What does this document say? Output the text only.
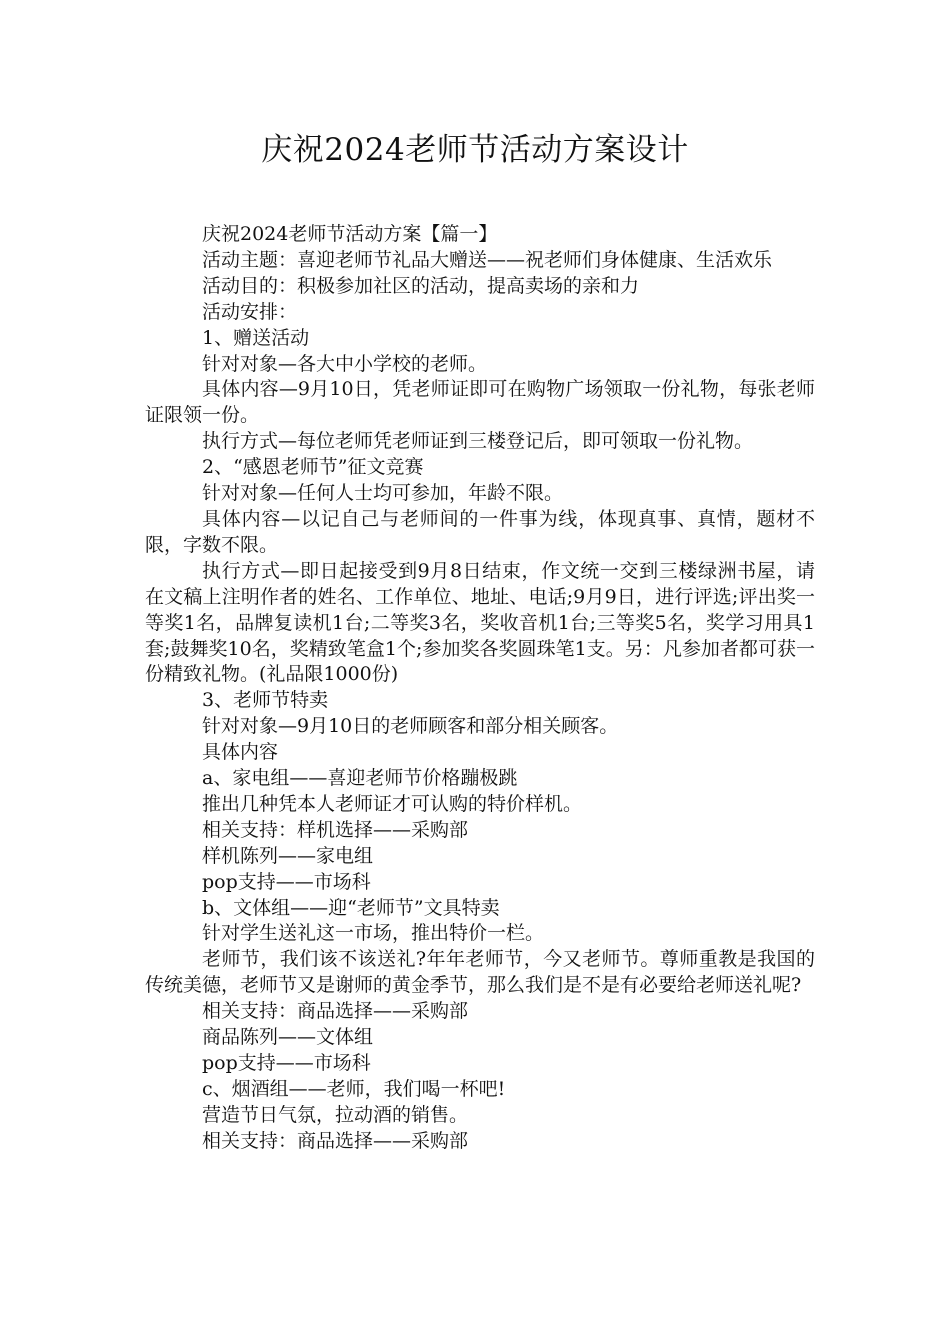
庆祝2024老师节活动方案设计

庆祝2024老师节活动方案【篇一】

活动主题：喜迎老师节礼品大赠送——祝老师们身体健康、生活欢乐

活动目的：积极参加社区的活动，提高卖场的亲和力

活动安排：

1、赠送活动

针对对象—各大中小学校的老师。

具体内容—9月10日，凭老师证即可在购物广场领取一份礼物，每张老师证限领一份。

执行方式—每位老师凭老师证到三楼登记后，即可领取一份礼物。

2、“感恩老师节”征文竞赛

针对对象—任何人士均可参加，年龄不限。

具体内容—以记自己与老师间的一件事为线，体现真事、真情，题材不限，字数不限。

执行方式—即日起接受到9月8日结束，作文统一交到三楼绿洲书屋，请在文稿上注明作者的姓名、工作单位、地址、电话;9月9日，进行评选;评出奖一等奖1名，品牌复读机1台;二等奖3名，奖收音机1台;三等奖5名，奖学习用具1套;鼓舞奖10名，奖精致笔盒1个;参加奖各奖圆珠笔1支。另：凡参加者都可获一份精致礼物。(礼品限1000份)

3、老师节特卖

针对对象—9月10日的老师顾客和部分相关顾客。

具体内容

a、家电组——喜迎老师节价格蹦极跳

推出几种凭本人老师证才可认购的特价样机。

相关支持：样机选择——采购部

样机陈列——家电组

pop支持——市场科

b、文体组——迎“老师节”文具特卖

针对学生送礼这一市场，推出特价一栏。

老师节，我们该不该送礼?年年老师节，今又老师节。尊师重教是我国的传统美德，老师节又是谢师的黄金季节，那么我们是不是有必要给老师送礼呢?

相关支持：商品选择——采购部

商品陈列——文体组

pop支持——市场科

c、烟酒组——老师，我们喝一杯吧!

营造节日气氛，拉动酒的销售。

相关支持：商品选择——采购部
